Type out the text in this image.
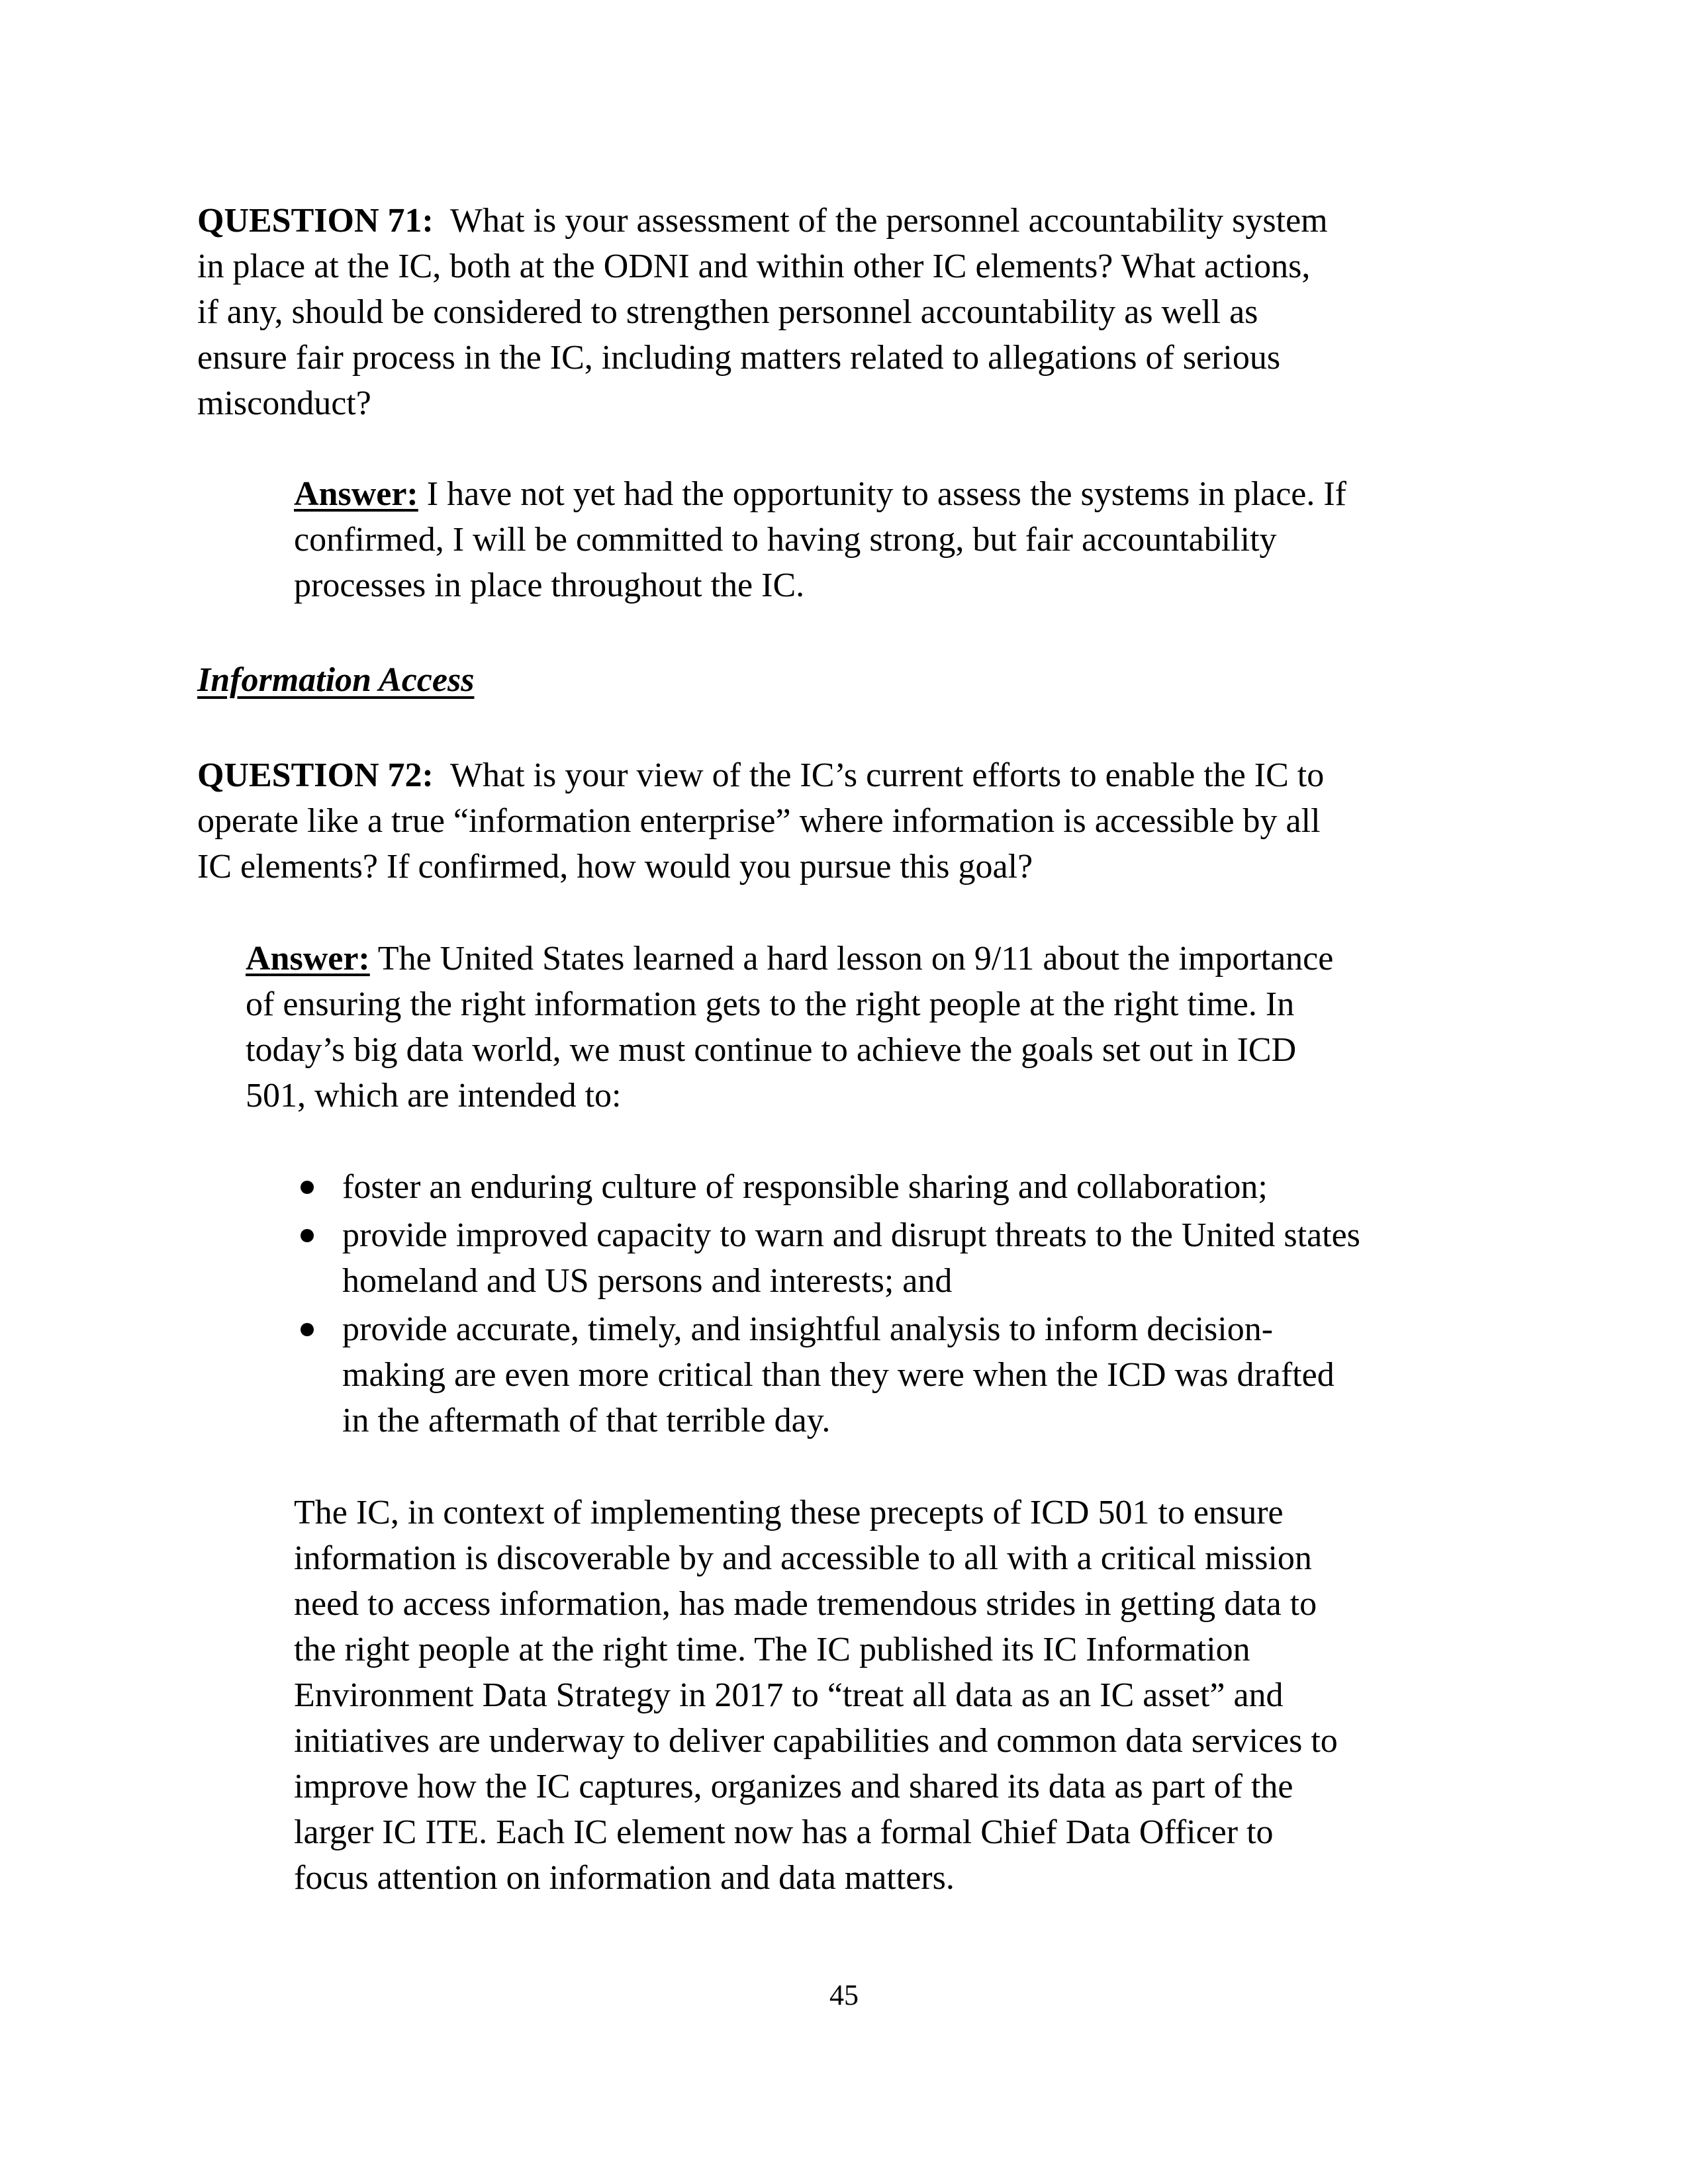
QUESTION 71:  What is your assessment of the personnel accountability system
in place at the IC, both at the ODNI and within other IC elements? What actions,
if any, should be considered to strengthen personnel accountability as well as
ensure fair process in the IC, including matters related to allegations of serious
misconduct?
Answer: I have not yet had the opportunity to assess the systems in place. If
confirmed, I will be committed to having strong, but fair accountability
processes in place throughout the IC.
Information Access
QUESTION 72:  What is your view of the IC’s current efforts to enable the IC to
operate like a true “information enterprise” where information is accessible by all
IC elements? If confirmed, how would you pursue this goal?
Answer: The United States learned a hard lesson on 9/11 about the importance
of ensuring the right information gets to the right people at the right time. In
today’s big data world, we must continue to achieve the goals set out in ICD
501, which are intended to:
foster an enduring culture of responsible sharing and collaboration;
provide improved capacity to warn and disrupt threats to the United states
homeland and US persons and interests; and
provide accurate, timely, and insightful analysis to inform decision-
making are even more critical than they were when the ICD was drafted
in the aftermath of that terrible day.
The IC, in context of implementing these precepts of ICD 501 to ensure
information is discoverable by and accessible to all with a critical mission
need to access information, has made tremendous strides in getting data to
the right people at the right time. The IC published its IC Information
Environment Data Strategy in 2017 to “treat all data as an IC asset” and
initiatives are underway to deliver capabilities and common data services to
improve how the IC captures, organizes and shared its data as part of the
larger IC ITE. Each IC element now has a formal Chief Data Officer to
focus attention on information and data matters.
45
